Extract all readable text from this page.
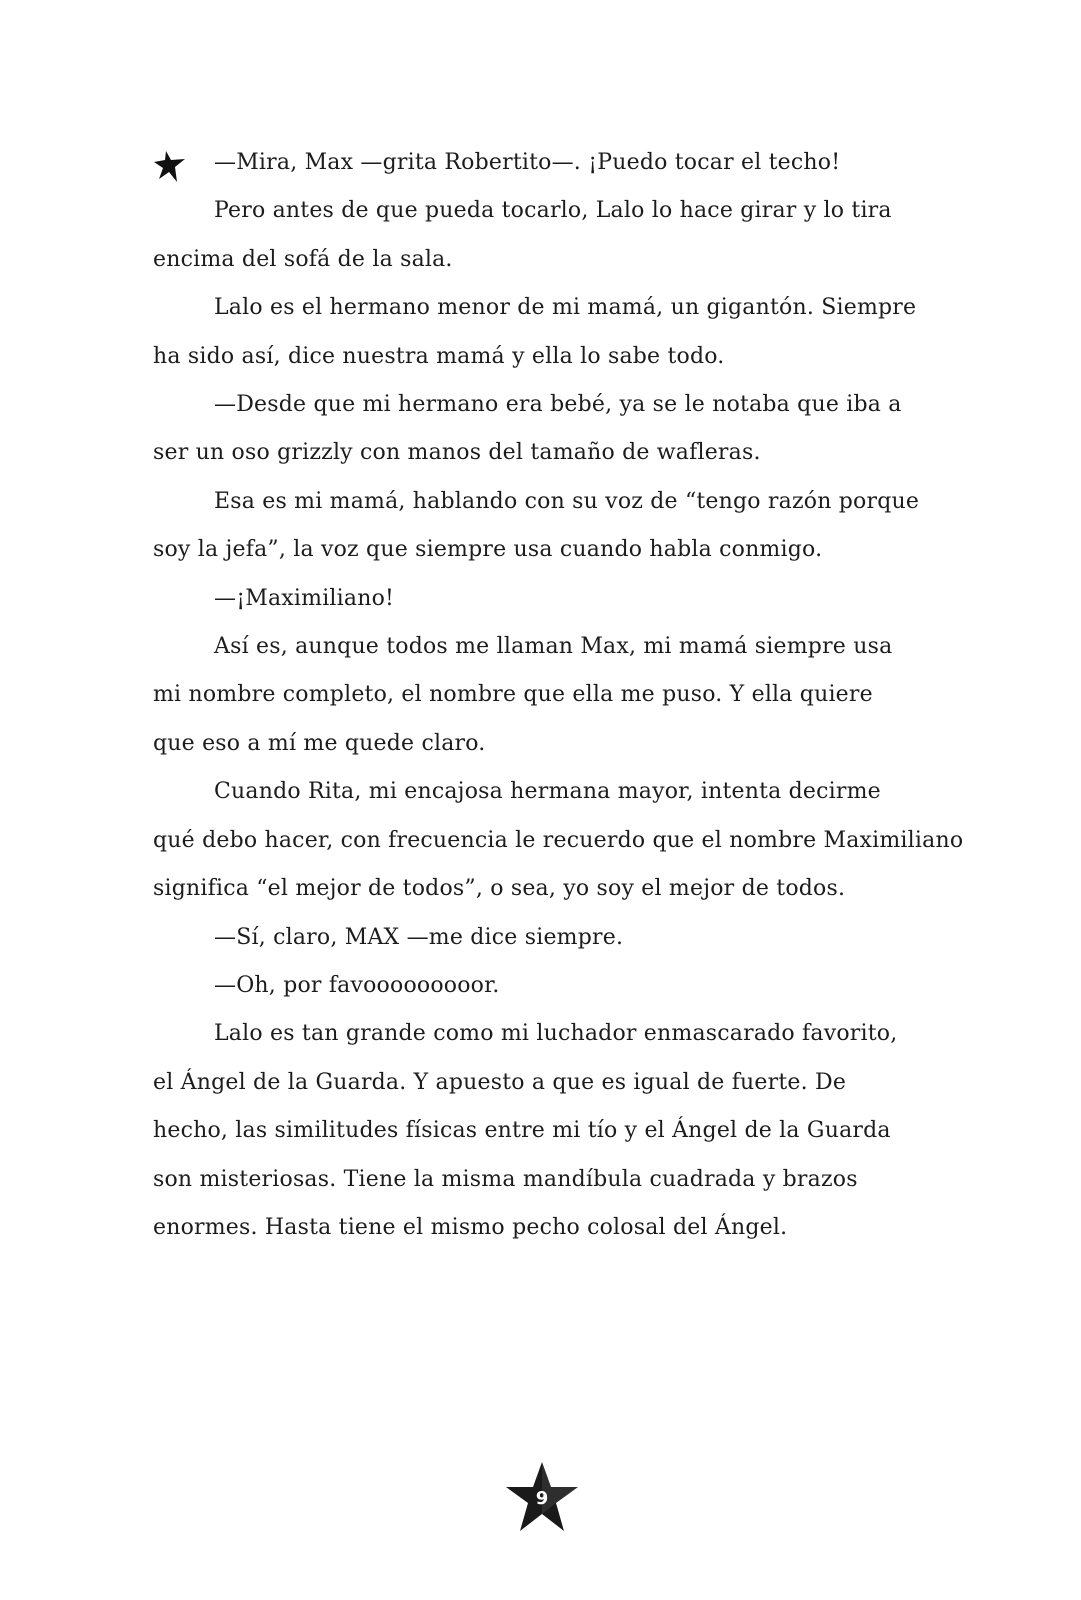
—Mira, Max —grita Robertito—. ¡Puedo tocar el techo!

Pero antes de que pueda tocarlo, Lalo lo hace girar y lo tira
encima del sofá de la sala.

Lalo es el hermano menor de mi mamá, un gigantón. Siempre
ha sido así, dice nuestra mamá y ella lo sabe todo.

—Desde que mi hermano era bebé, ya se le notaba que iba a
ser un oso grizzly con manos del tamaño de wafleras.

Esa es mi mamá, hablando con su voz de “tengo razón porque
soy la jefa”, la voz que siempre usa cuando habla conmigo.

—¡Maximiliano!

Así es, aunque todos me llaman Max, mi mamá siempre usa
mi nombre completo, el nombre que ella me puso. Y ella quiere
que eso a mí me quede claro.

Cuando Rita, mi encajosa hermana mayor, intenta decirme
qué debo hacer, con frecuencia le recuerdo que el nombre Maximiliano
significa “el mejor de todos”, o sea, yo soy el mejor de todos.

—Sí, claro, MAX —me dice siempre.

—Oh, por favooooooooor.

Lalo es tan grande como mi luchador enmascarado favorito,
el Ángel de la Guarda. Y apuesto a que es igual de fuerte. De
hecho, las similitudes físicas entre mi tío y el Ángel de la Guarda
son misteriosas. Tiene la misma mandíbula cuadrada y brazos
enormes. Hasta tiene el mismo pecho colosal del Ángel.

9
